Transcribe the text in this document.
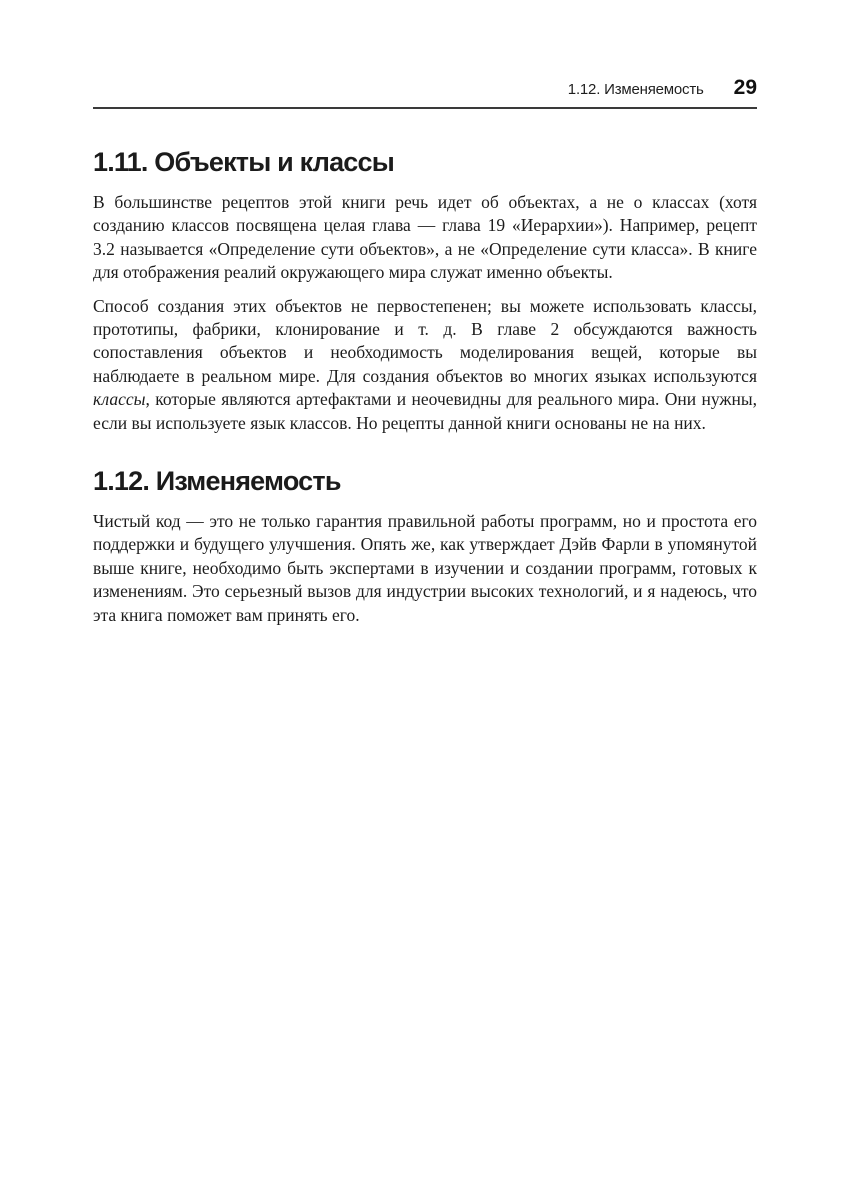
1.12. Изменяемость 29
1.11. Объекты и классы

В большинстве рецептов этой книги речь идет об объектах, а не о классах (хотя созданию классов посвящена целая глава — глава 19 «Иерархии»). Например, рецепт 3.2 называется «Определение сути объектов», а не «Определение сути класса». В книге для отображения реалий окружающего мира служат именно объекты.

Способ создания этих объектов не первостепенен; вы можете использовать классы, прототипы, фабрики, клонирование и т. д. В главе 2 обсуждаются важность сопоставления объектов и необходимость моделирования вещей, которые вы наблюдаете в реальном мире. Для создания объектов во многих языках используются классы, которые являются артефактами и неочевидны для реального мира. Они нужны, если вы используете язык классов. Но рецепты данной книги основаны не на них.

1.12. Изменяемость

Чистый код — это не только гарантия правильной работы программ, но и простота его поддержки и будущего улучшения. Опять же, как утверждает Дэйв Фарли в упомянутой выше книге, необходимо быть экспертами в изучении и создании программ, готовых к изменениям. Это серьезный вызов для индустрии высоких технологий, и я надеюсь, что эта книга поможет вам принять его.
